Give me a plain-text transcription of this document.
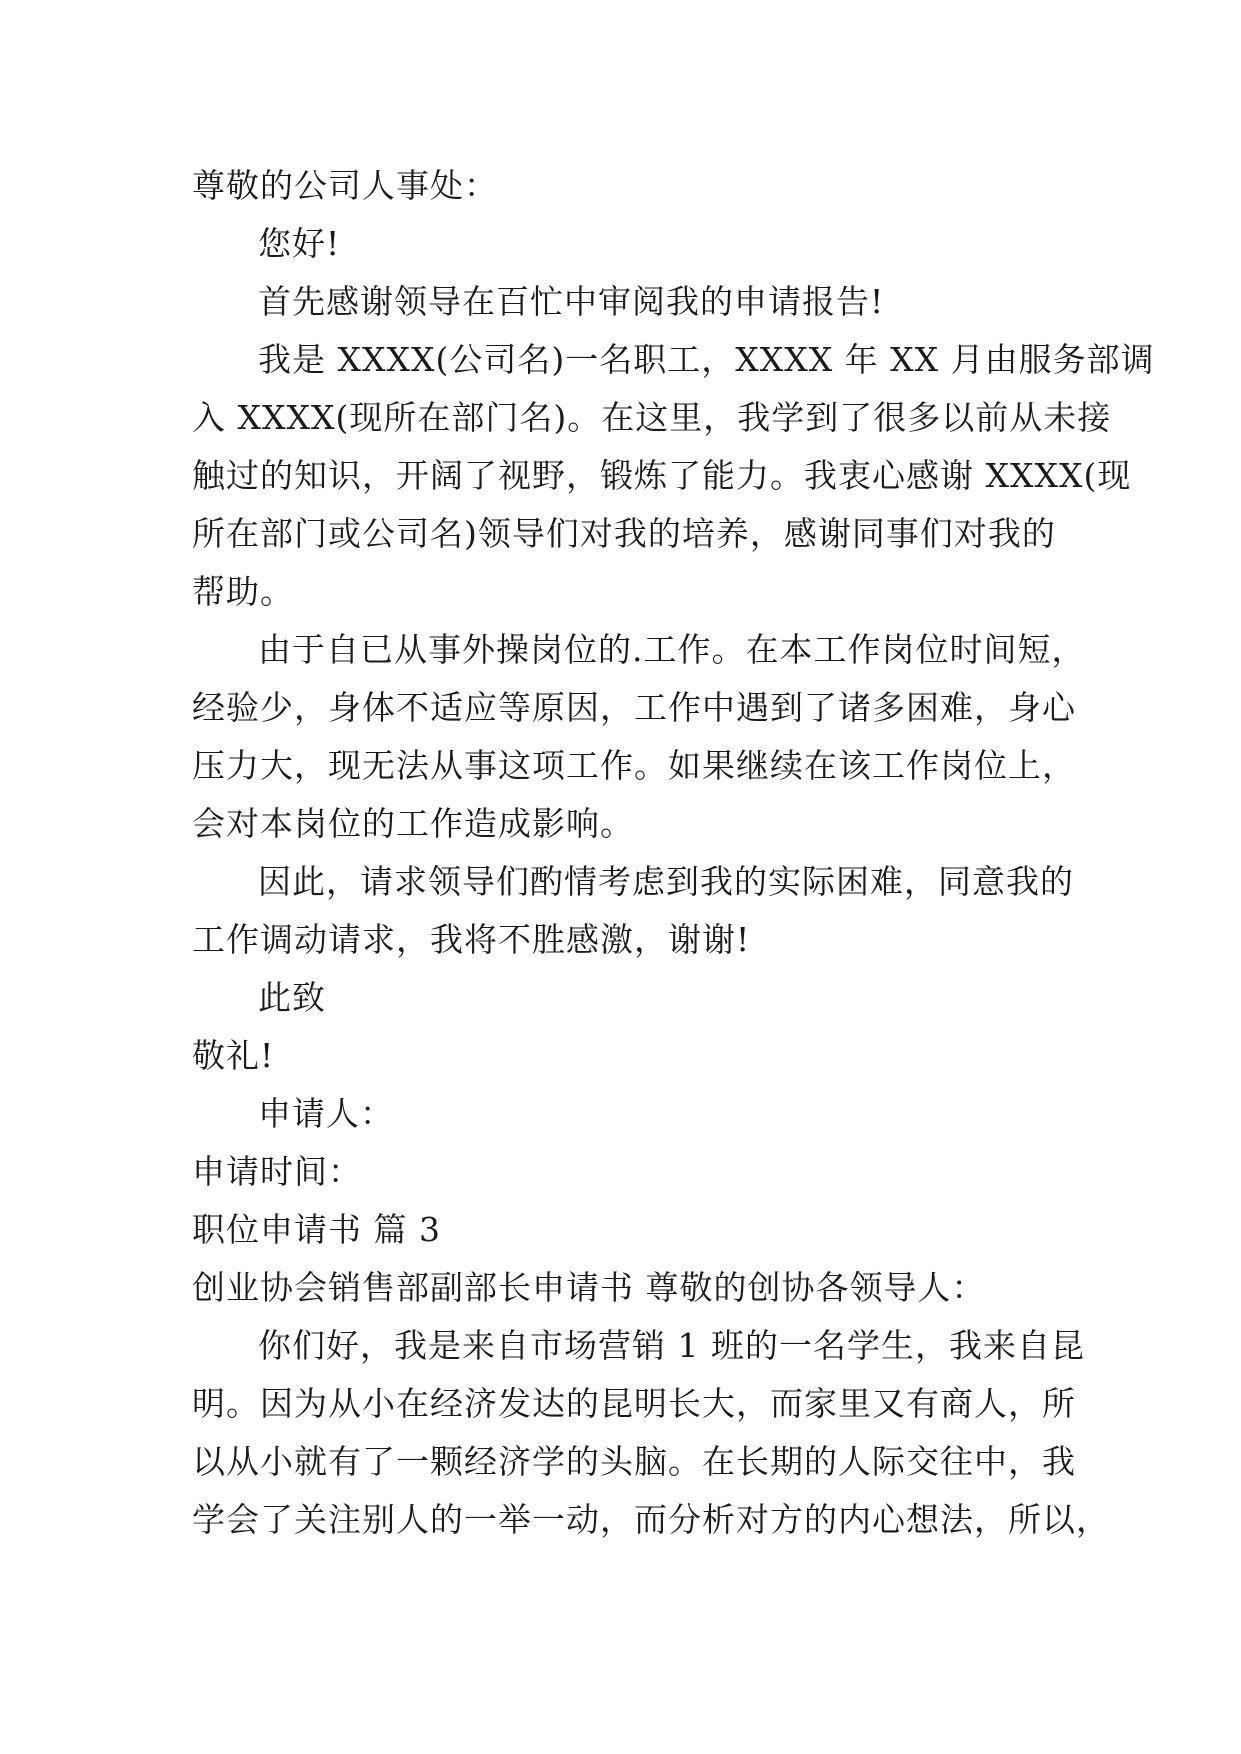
尊敬的公司人事处：
您好!
首先感谢领导在百忙中审阅我的申请报告!
我是 XXXX(公司名)一名职工，XXXX 年 XX 月由服务部调
入 XXXX(现所在部门名)。在这里，我学到了很多以前从未接
触过的知识，开阔了视野，锻炼了能力。我衷心感谢 XXXX(现
所在部门或公司名)领导们对我的培养，感谢同事们对我的
帮助。
由于自已从事外操岗位的.工作。在本工作岗位时间短，
经验少，身体不适应等原因，工作中遇到了诸多困难，身心
压力大，现无法从事这项工作。如果继续在该工作岗位上，
会对本岗位的工作造成影响。
因此，请求领导们酌情考虑到我的实际困难，同意我的
工作调动请求，我将不胜感激，谢谢!
此致
敬礼!
申请人：
申请时间：
职位申请书 篇 3
创业协会销售部副部长申请书 尊敬的创协各领导人：
你们好，我是来自市场营销 1 班的一名学生，我来自昆
明。因为从小在经济发达的昆明长大，而家里又有商人，所
以从小就有了一颗经济学的头脑。在长期的人际交往中，我
学会了关注别人的一举一动，而分析对方的内心想法，所以，
